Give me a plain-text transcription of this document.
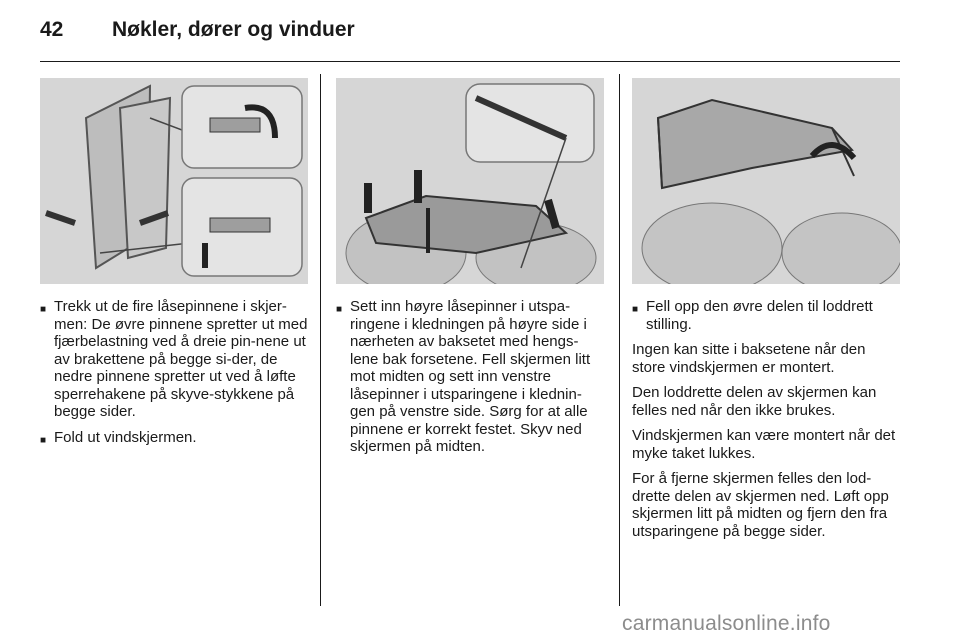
42	Nøkler, dører og vinduer
■ Trekk ut de fire låsepinnene i skjer-men: De øvre pinnene spretter ut med fjærbelastning ved å dreie pin-nene ut av brakettene på begge si-der, de nedre pinnene spretter ut ved å løfte sperrehakene på skyve-stykkene på begge sider.
■ Fold ut vindskjermen.
■ Sett inn høyre låsepinner i utspa-ringene i kledningen på høyre side i nærheten av baksetet med hengs-lene bak forsetene. Fell skjermen litt mot midten og sett inn venstre låsepinner i utsparingene i klednin-gen på venstre side. Sørg for at alle pinnene er korrekt festet. Skyv ned skjermen på midten.
■ Fell opp den øvre delen til loddrett stilling.

Ingen kan sitte i baksetene når den store vindskjermen er montert.

Den loddrette delen av skjermen kan felles ned når den ikke brukes.

Vindskjermen kan være montert når det myke taket lukkes.

For å fjerne skjermen felles den lod-drette delen av skjermen ned. Løft opp skjermen litt på midten og fjern den fra utsparingene på begge sider.

carmanualsonline.info
